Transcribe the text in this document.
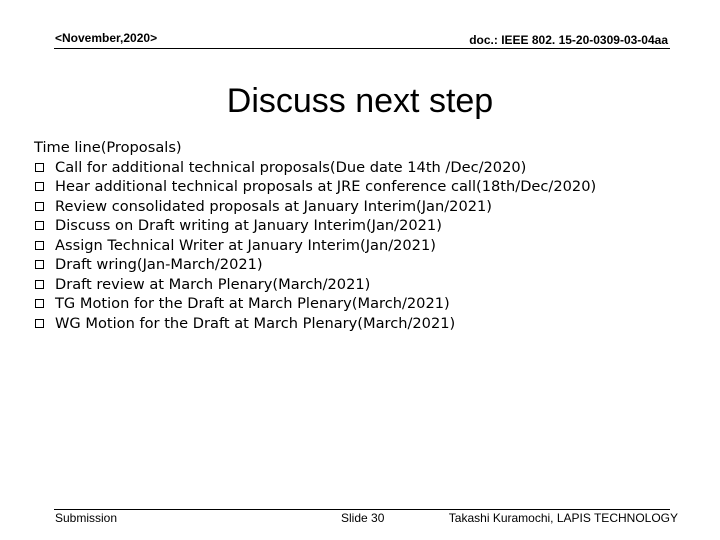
<November,2020>	doc.: IEEE 802. 15-20-0309-03-04aa
Discuss next step
Time line(Proposals)
Call for additional technical proposals(Due date 14th /Dec/2020)
Hear additional technical proposals at JRE conference call(18th/Dec/2020)
Review consolidated proposals at January Interim(Jan/2021)
Discuss on Draft writing at January Interim(Jan/2021)
Assign Technical Writer at January Interim(Jan/2021)
Draft wring(Jan-March/2021)
Draft review at March Plenary(March/2021)
TG Motion for the Draft at March Plenary(March/2021)
WG Motion for the Draft at March Plenary(March/2021)
Submission	Slide 30	Takashi Kuramochi, LAPIS TECHNOLOGY
